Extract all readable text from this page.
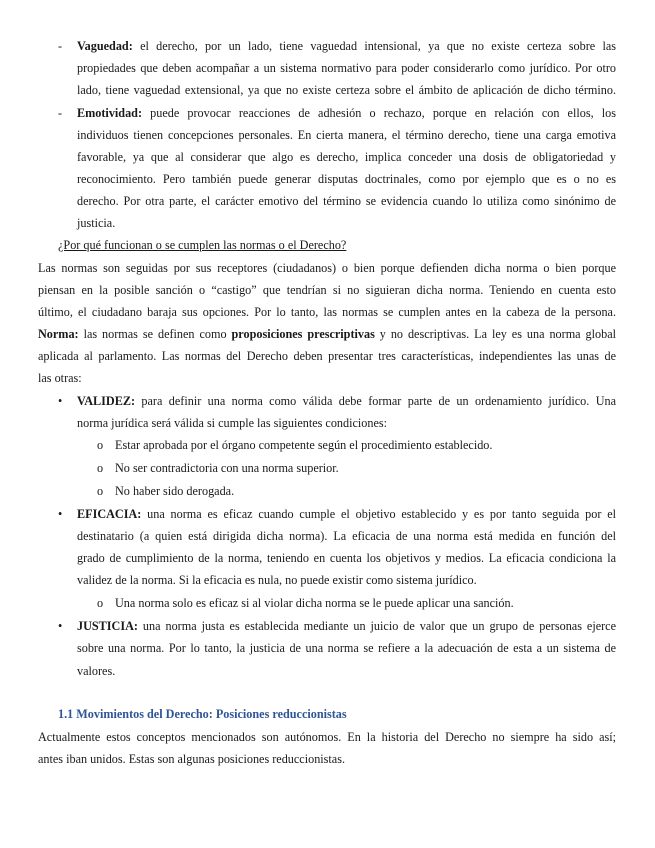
- Vaguedad: el derecho, por un lado, tiene vaguedad intensional, ya que no existe certeza sobre las
propiedades que deben acompañar a un sistema normativo para poder considerarlo como jurídico. Por otro
lado, tiene vaguedad extensional, ya que no existe certeza sobre el ámbito de aplicación de dicho término.
- Emotividad: puede provocar reacciones de adhesión o rechazo, porque en relación con ellos, los
individuos tienen concepciones personales. En cierta manera, el término derecho, tiene una carga emotiva
favorable, ya que al considerar que algo es derecho, implica conceder una dosis de obligatoriedad y
reconocimiento. Pero también puede generar disputas doctrinales, como por ejemplo que es o no es
derecho. Por otra parte, el carácter emotivo del término se evidencia cuando lo utiliza como sinónimo de
justicia.
¿Por qué funcionan o se cumplen las normas o el Derecho?
Las normas son seguidas por sus receptores (ciudadanos) o bien porque defienden dicha norma o bien porque
piensan en la posible sanción o “castigo” que tendrían si no siguieran dicha norma. Teniendo en cuenta esto
último, el ciudadano baraja sus opciones. Por lo tanto, las normas se cumplen antes en la cabeza de la persona.
Norma: las normas se definen como proposiciones prescriptivas y no descriptivas. La ley es una norma global
aplicada al parlamento. Las normas del Derecho deben presentar tres características, independientes las unas de
las otras:
• VALIDEZ: para definir una norma como válida debe formar parte de un ordenamiento jurídico. Una
norma jurídica será válida si cumple las siguientes condiciones:
o Estar aprobada por el órgano competente según el procedimiento establecido.
o No ser contradictoria con una norma superior.
o No haber sido derogada.
• EFICACIA: una norma es eficaz cuando cumple el objetivo establecido y es por tanto seguida por el
destinatario (a quien está dirigida dicha norma). La eficacia de una norma está medida en función del
grado de cumplimiento de la norma, teniendo en cuenta los objetivos y medios. La eficacia condiciona la
validez de la norma. Si la eficacia es nula, no puede existir como sistema jurídico.
o Una norma solo es eficaz si al violar dicha norma se le puede aplicar una sanción.
• JUSTICIA: una norma justa es establecida mediante un juicio de valor que un grupo de personas ejerce
sobre una norma. Por lo tanto, la justicia de una norma se refiere a la adecuación de esta a un sistema de
valores.
1.1 Movimientos del Derecho: Posiciones reduccionistas
Actualmente estos conceptos mencionados son autónomos. En la historia del Derecho no siempre ha sido así;
antes iban unidos. Estas son algunas posiciones reduccionistas.
